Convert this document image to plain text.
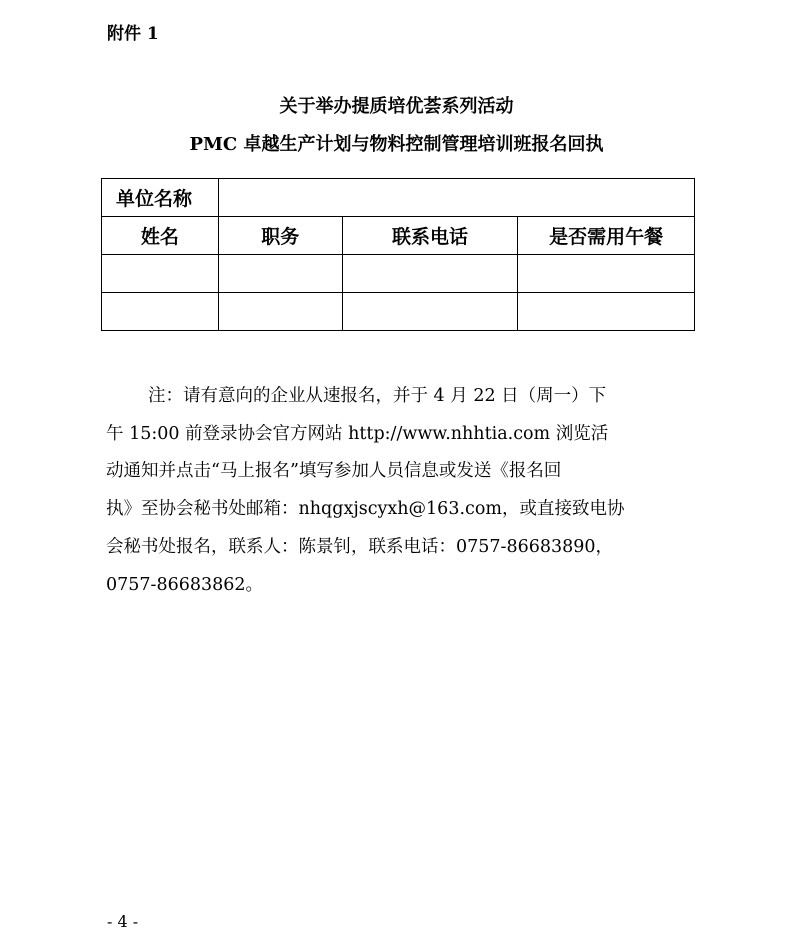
附件 1
关于举办提质培优荟系列活动
PMC 卓越生产计划与物料控制管理培训班报名回执
单位名称			
姓名	职务	联系电话	是否需用午餐

注：请有意向的企业从速报名，并于 4 月 22 日（周一）下
午 15:00 前登录协会官方网站 http://www.nhhtia.com 浏览活
动通知并点击“马上报名”填写参加人员信息或发送《报名回
执》至协会秘书处邮箱：nhqgxjscyxh@163.com，或直接致电协
会秘书处报名，联系人：陈景钊，联系电话：0757-86683890，
0757-86683862。
- 4 -
